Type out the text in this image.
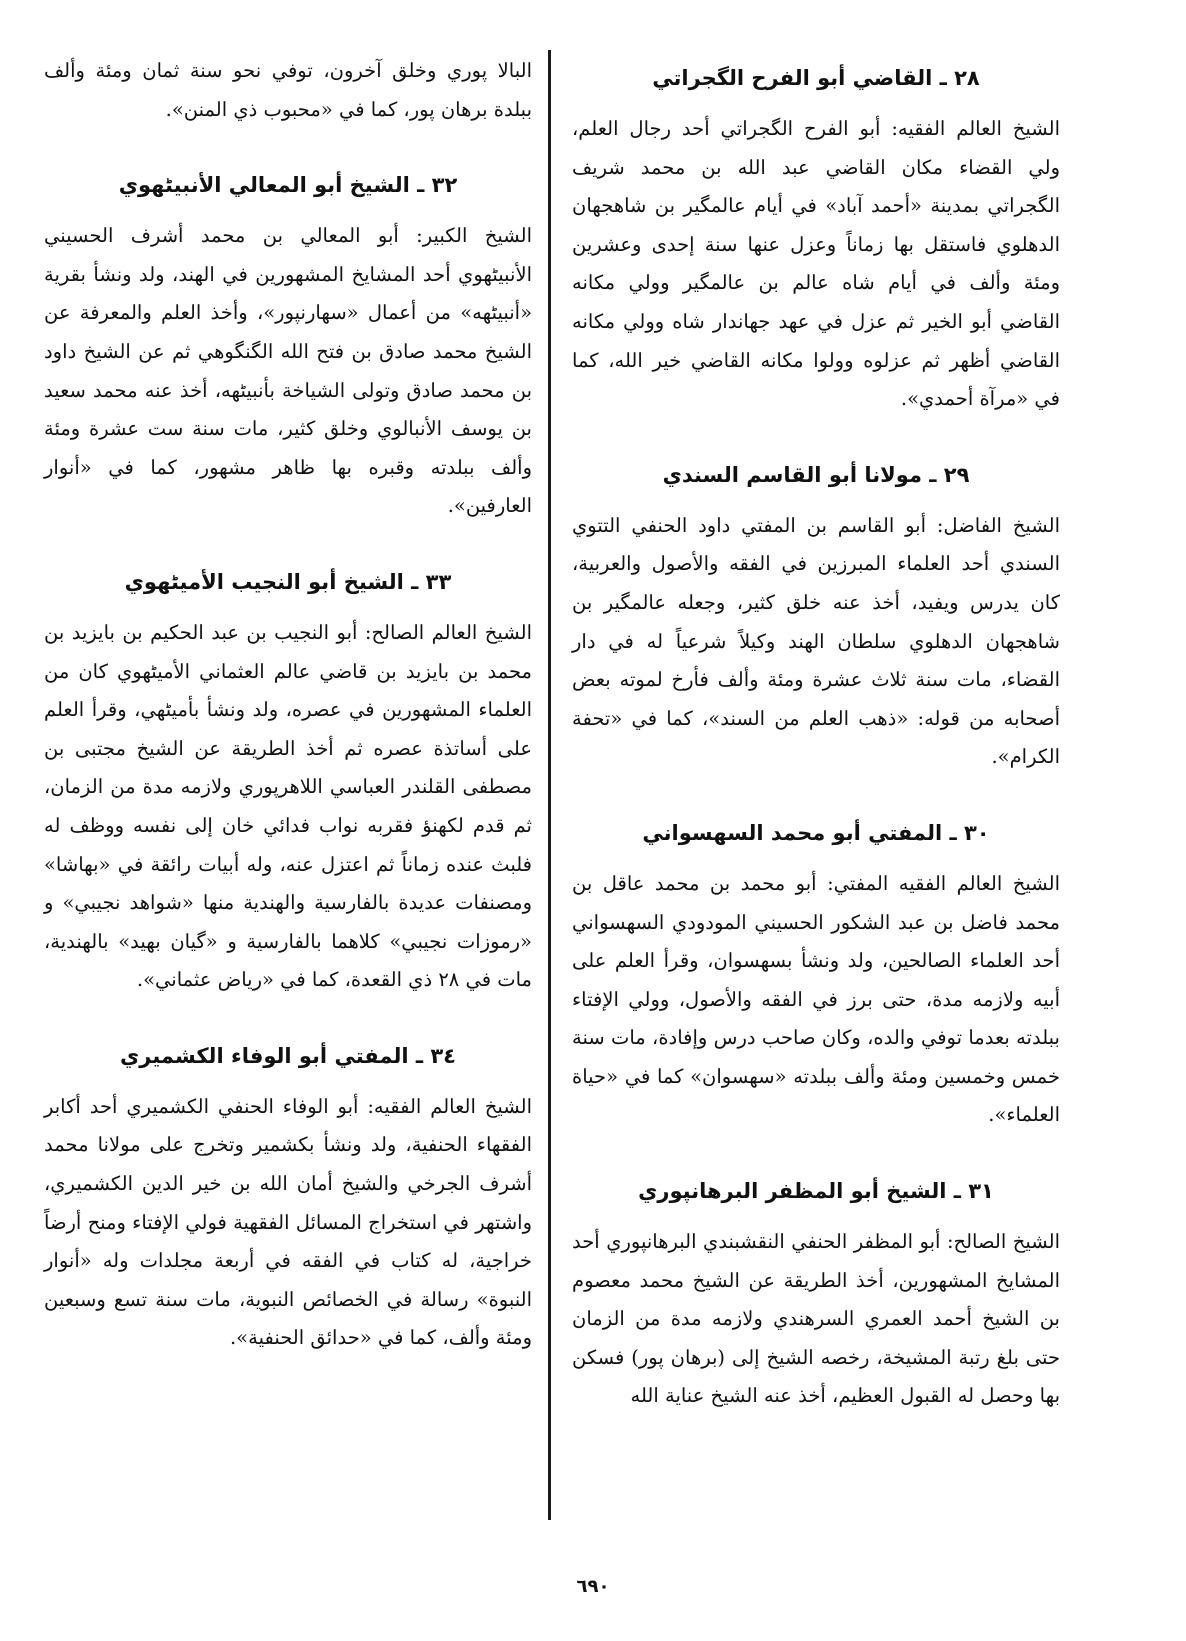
٢٨ ـ القاضي أبو الفرح الگجراتي

الشيخ العالم الفقيه: أبو الفرح الگجراتي أحد رجال العلم، ولي القضاء مكان القاضي عبد الله بن محمد شريف الگجراتي بمدينة «أحمد آباد» في أيام عالمگير بن شاهجهان الدهلوي فاستقل بها زماناً وعزل عنها سنة إحدى وعشرين ومئة وألف في أيام شاه عالم بن عالمگير وولي مكانه القاضي أبو الخير ثم عزل في عهد جهاندار شاه وولي مكانه القاضي أظهر ثم عزلوه وولوا مكانه القاضي خير الله، كما في «مرآة أحمدي».

٢٩ ـ مولانا أبو القاسم السندي

الشيخ الفاضل: أبو القاسم بن المفتي داود الحنفي التتوي السندي أحد العلماء المبرزين في الفقه والأصول والعربية، كان يدرس ويفيد، أخذ عنه خلق كثير، وجعله عالمگير بن شاهجهان الدهلوي سلطان الهند وكيلاً شرعياً له في دار القضاء، مات سنة ثلاث عشرة ومئة وألف فأرخ لموته بعض أصحابه من قوله: «ذهب العلم من السند»، كما في «تحفة الكرام».

٣٠ ـ المفتي أبو محمد السهسواني

الشيخ العالم الفقيه المفتي: أبو محمد بن محمد عاقل بن محمد فاضل بن عبد الشكور الحسيني المودودي السهسواني أحد العلماء الصالحين، ولد ونشأ بسهسوان، وقرأ العلم على أبيه ولازمه مدة، حتى برز في الفقه والأصول، وولي الإفتاء ببلدته بعدما توفي والده، وكان صاحب درس وإفادة، مات سنة خمس وخمسين ومئة وألف ببلدته «سهسوان» كما في «حياة العلماء».

٣١ ـ الشيخ أبو المظفر البرهانپوري

الشيخ الصالح: أبو المظفر الحنفي النقشبندي البرهانپوري أحد المشايخ المشهورين، أخذ الطريقة عن الشيخ محمد معصوم بن الشيخ أحمد العمري السرهندي ولازمه مدة من الزمان حتى بلغ رتبة المشيخة، رخصه الشيخ إلى (برهان پور) فسكن بها وحصل له القبول العظيم، أخذ عنه الشيخ عناية الله

البالا پوري وخلق آخرون، توفي نحو سنة ثمان ومئة وألف ببلدة برهان پور، كما في «محبوب ذي المنن».

٣٢ ـ الشيخ أبو المعالي الأنبيٹهوي

الشيخ الكبير: أبو المعالي بن محمد أشرف الحسيني الأنبيٹهوي أحد المشايخ المشهورين في الهند، ولد ونشأ بقرية «أنبيٹهه» من أعمال «سهارنپور»، وأخذ العلم والمعرفة عن الشيخ محمد صادق بن فتح الله الگنگوهي ثم عن الشيخ داود بن محمد صادق وتولى الشياخة بأنبيٹهه، أخذ عنه محمد سعيد بن يوسف الأنبالوي وخلق كثير، مات سنة ست عشرة ومئة وألف ببلدته وقبره بها ظاهر مشهور، كما في «أنوار العارفين».

٣٣ ـ الشيخ أبو النجيب الأميٹهوي

الشيخ العالم الصالح: أبو النجيب بن عبد الحكيم بن بايزيد بن محمد بن بايزيد بن قاضي عالم العثماني الأميٹهوي كان من العلماء المشهورين في عصره، ولد ونشأ بأميٹهي، وقرأ العلم على أساتذة عصره ثم أخذ الطريقة عن الشيخ مجتبى بن مصطفى القلندر العباسي اللاهرپوري ولازمه مدة من الزمان، ثم قدم لكهنؤ فقربه نواب فدائي خان إلى نفسه ووظف له فلبث عنده زماناً ثم اعتزل عنه، وله أبيات رائقة في «بهاشا» ومصنفات عديدة بالفارسية والهندية منها «شواهد نجيبي» و «رموزات نجيبي» كلاهما بالفارسية و «گيان بهيد» بالهندية، مات في ٢٨ ذي القعدة، كما في «رياض عثماني».

٣٤ ـ المفتي أبو الوفاء الكشميري

الشيخ العالم الفقيه: أبو الوفاء الحنفي الكشميري أحد أكابر الفقهاء الحنفية، ولد ونشأ بكشمير وتخرج على مولانا محمد أشرف الجرخي والشيخ أمان الله بن خير الدين الكشميري، واشتهر في استخراج المسائل الفقهية فولي الإفتاء ومنح أرضاً خراجية، له كتاب في الفقه في أربعة مجلدات وله «أنوار النبوة» رسالة في الخصائص النبوية، مات سنة تسع وسبعين ومئة وألف، كما في «حدائق الحنفية».

٦٩٠
